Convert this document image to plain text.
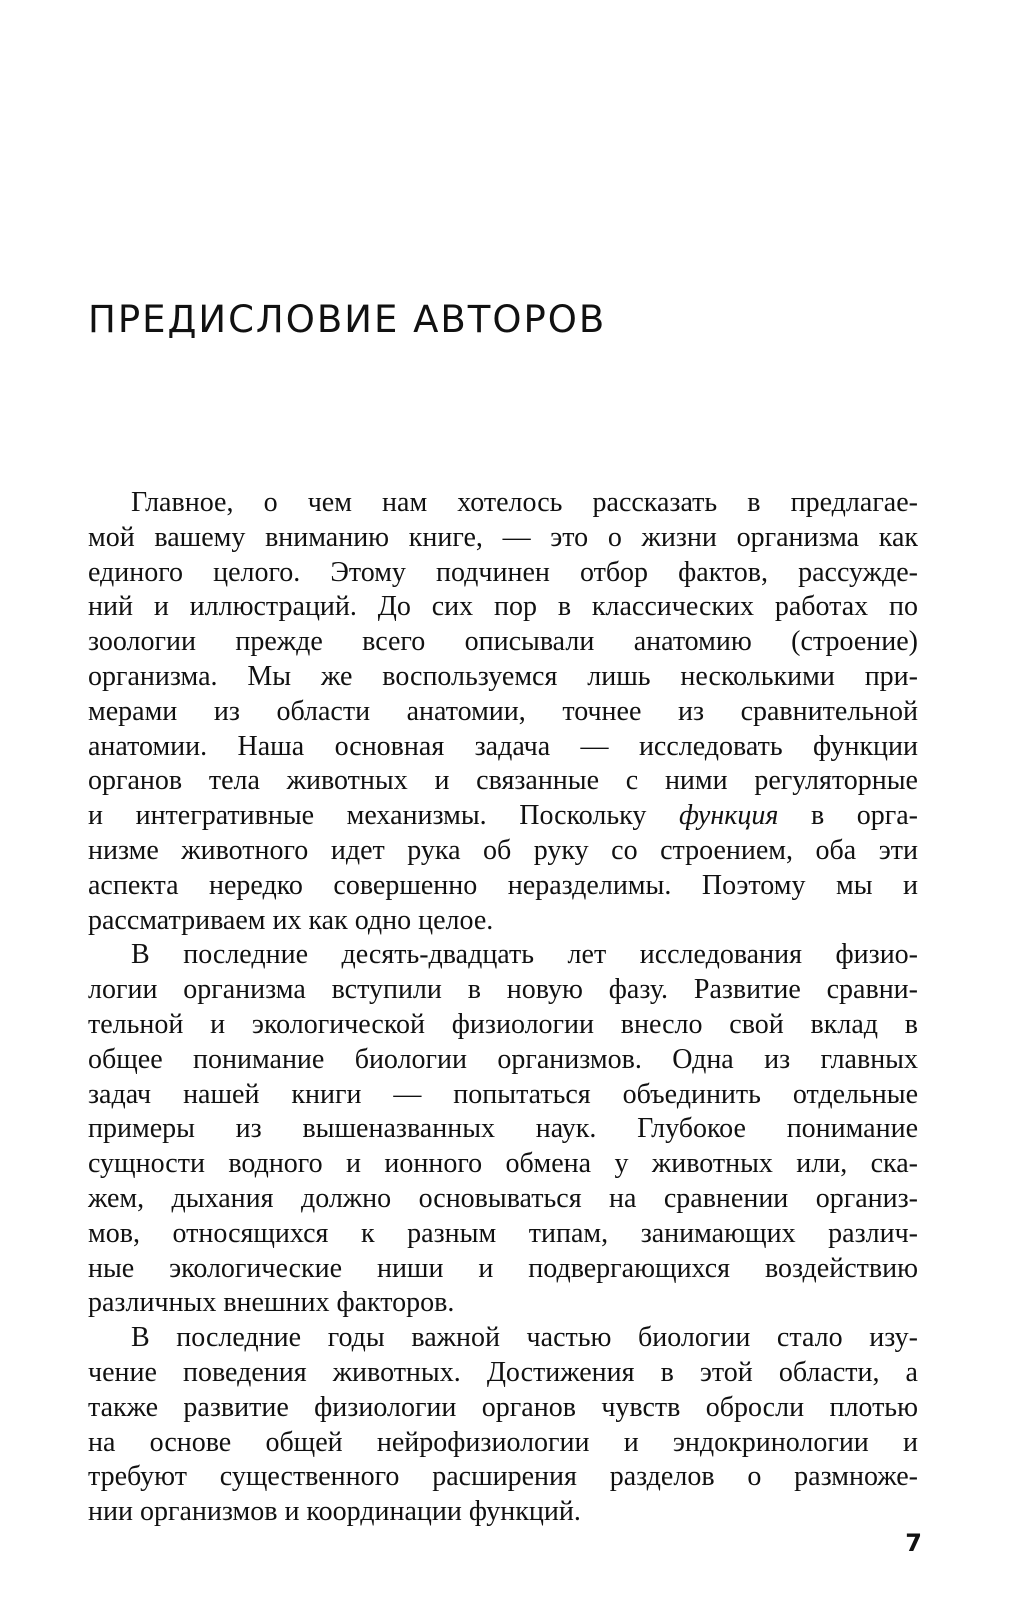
ПРЕДИСЛОВИЕ АВТОРОВ

Главное, о чем нам хотелось рассказать в предлагае-
мой вашему вниманию книге, — это о жизни организма как
единого целого. Этому подчинен отбор фактов, рассужде-
ний и иллюстраций. До сих пор в классических работах по
зоологии прежде всего описывали анатомию (строение)
организма. Мы же воспользуемся лишь несколькими при-
мерами из области анатомии, точнее из сравнительной
анатомии. Наша основная задача — исследовать функции
органов тела животных и связанные с ними регуляторные
и интегративные механизмы. Поскольку функция в орга-
низме животного идет рука об руку со строением, оба эти
аспекта нередко совершенно неразделимы. Поэтому мы и
рассматриваем их как одно целое.

В последние десять-двадцать лет исследования физио-
логии организма вступили в новую фазу. Развитие сравни-
тельной и экологической физиологии внесло свой вклад в
общее понимание биологии организмов. Одна из главных
задач нашей книги — попытаться объединить отдельные
примеры из вышеназванных наук. Глубокое понимание
сущности водного и ионного обмена у животных или, ска-
жем, дыхания должно основываться на сравнении организ-
мов, относящихся к разным типам, занимающих различ-
ные экологические ниши и подвергающихся воздействию
различных внешних факторов.

В последние годы важной частью биологии стало изу-
чение поведения животных. Достижения в этой области, а
также развитие физиологии органов чувств обросли плотью
на основе общей нейрофизиологии и эндокринологии и
требуют существенного расширения разделов о размноже-
нии организмов и координации функций.

7
